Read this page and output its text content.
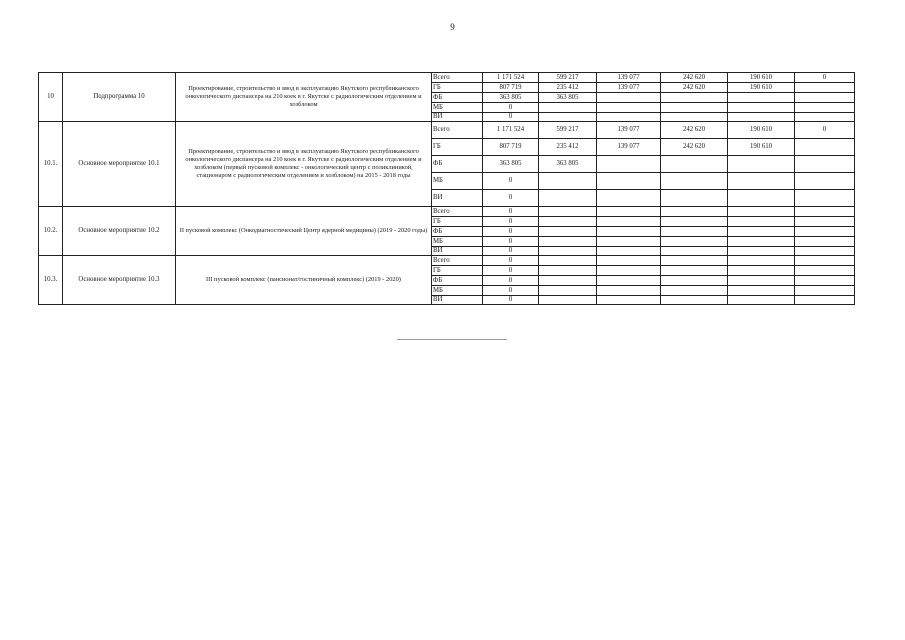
9
10	Подпрограмма 10	Проектирование, строительство и ввод в эксплуатацию Якутского республиканского онкологического диспансера на 210 коек в г. Якутске с радиологическим отделением и хозблоком	Всего	1 171 524	599 217	139 077	242 620	190 610	0
			ГБ	807 719	235 412	139 077	242 620	190 610	
			ФБ	363 805	363 805				
			МБ	0					
			ВИ	0					
10.1.	Основное мероприятие 10.1	Проектирование, строительство и ввод в эксплуатацию Якутского республиканского онкологического диспансера на 210 коек в г. Якутске с радиологическим отделением и хозблоком (первый пусковой комплекс - онкологический центр с поликлиникой, стационаром с радиологическим отделением и хозблоком) на 2015 - 2018 годы	Всего	1 171 524	599 217	139 077	242 620	190 610	0
			ГБ	807 719	235 412	139 077	242 620	190 610	
			ФБ	363 805	363 805				
			МБ	0					
			ВИ	0					
10.2.	Основное мероприятие 10.2	II пусковой комплекс (Онкодиагностический Центр ядерной медицины) (2019 - 2020 годы)	Всего	0					
			ГБ	0					
			ФБ	0					
			МБ	0					
			ВИ	0					
10.3.	Основное мероприятие 10.3	III пусковой комплекс (пансионат/гостиничный комплекс) (2019 - 2020)	Всего	0					
			ГБ	0					
			ФБ	0					
			МБ	0					
			ВИ	0					
